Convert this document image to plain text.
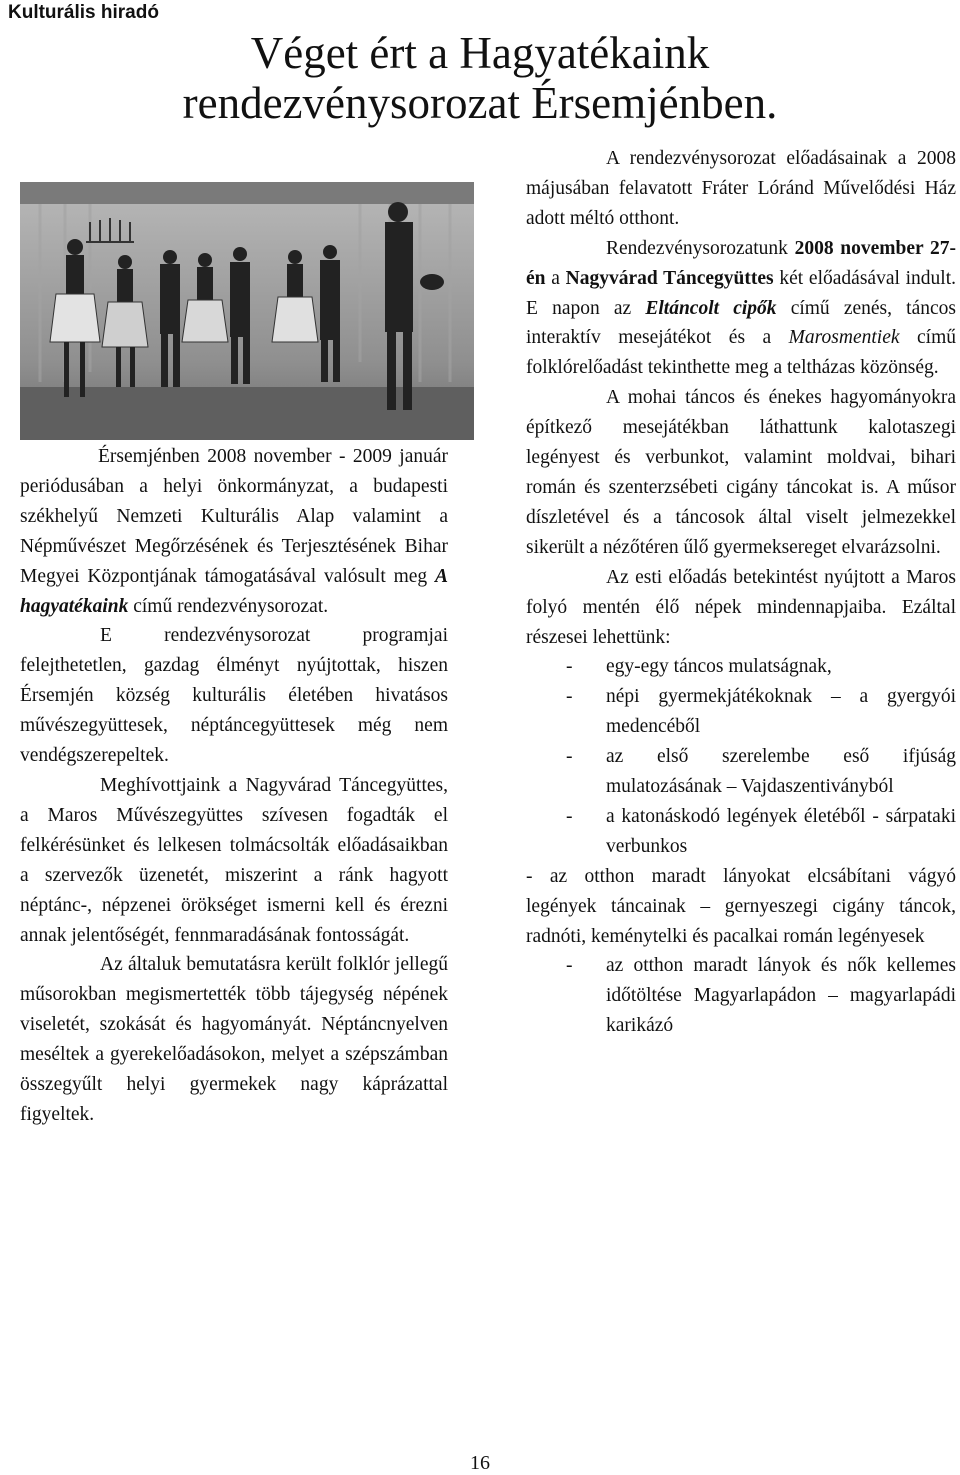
Kulturális hiradó
Véget ért a Hagyatékaink
rendezvénysorozat Érsemjénben.

Érsemjénben 2008 november - 2009 január periódusában a helyi önkormányzat, a budapesti székhelyű Nemzeti Kulturális Alap valamint a Népművészet Megőrzésének és Terjesztésének Bihar Megyei Központjának támogatásával valósult meg A hagyatékaink című rendezvénysorozat.

E rendezvénysorozat programjai felejthetetlen, gazdag élményt nyújtottak, hiszen Érsemjén község kulturális életében hivatásos művészegyüttesek, néptáncegyüttesek még nem vendégszerepeltek.

Meghívottjaink a Nagyvárad Táncegyüttes, a Maros Művészegyüttes szívesen fogadták el felkérésünket és lelkesen tolmácsolták előadásaikban a szervezők üzenetét, miszerint a ránk hagyott néptánc-, népzenei örökséget ismerni kell és érezni annak jelentőségét, fennmaradásának fontosságát.

Az általuk bemutatásra került folklór jellegű műsorokban megismertették több tájegység népének viseletét, szokását és hagyományát. Néptáncnyelven meséltek a gyerekelőadásokon, melyet a szépszámban összegyűlt helyi gyermekek nagy káprázattal figyeltek.

A rendezvénysorozat előadásainak a 2008 májusában felavatott Fráter Lóránd Művelődési Ház adott méltó otthont.

Rendezvénysorozatunk 2008 november 27-én a Nagyvárad Táncegyüttes két előadásával indult. E napon az Eltáncolt cipők című zenés, táncos interaktív mesejátékot és a Marosmentiek című folklórelőadást tekinthette meg a teltházas közönség.

A mohai táncos és énekes hagyományokra építkező mesejátékban láthattunk kalotaszegi legényest és verbunkot, valamint moldvai, bihari román és szenterzsébeti cigány táncokat is. A műsor díszletével és a táncosok által viselt jelmezekkel sikerült a nézőtéren űlő gyermeksereget elvarázsolni.

Az esti előadás betekintést nyújtott a Maros folyó mentén élő népek mindennapjaiba. Ezáltal részesei lehettünk:

- egy-egy táncos mulatságnak,
- népi gyermekjátékoknak – a gyergyói medencéből
- az első szerelembe eső ifjúság mulatozásának – Vajdaszentiványból
- a katonáskodó legények életéből - sárpataki verbunkos
- az otthon maradt lányokat elcsábítani vágyó legények táncainak – gernyeszegi cigány táncok, radnóti, keménytelki és pacalkai román legényesek
- az otthon maradt lányok és nők kellemes időtöltése Magyarlapádon – magyarlapádi karikázó
16
